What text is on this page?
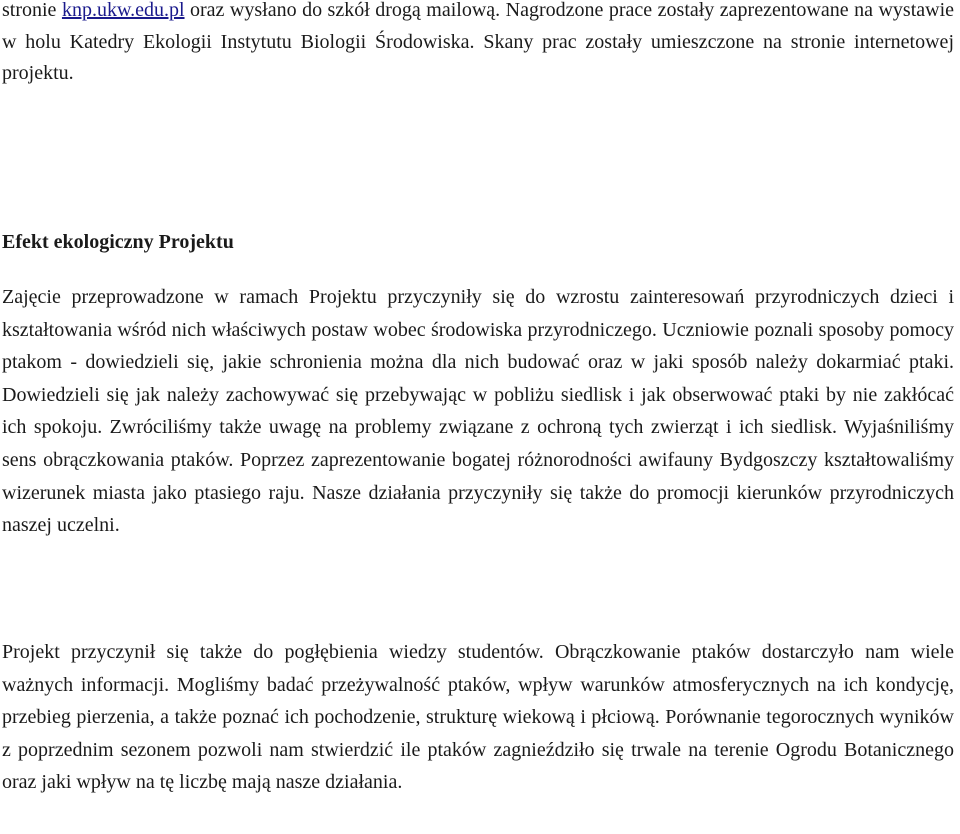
stronie knp.ukw.edu.pl oraz wysłano do szkół drogą mailową. Nagrodzone prace zostały zaprezentowane na wystawie w holu Katedry Ekologii Instytutu Biologii Środowiska. Skany prac zostały umieszczone na stronie internetowej projektu.

Efekt ekologiczny Projektu

Zajęcie przeprowadzone w ramach Projektu przyczyniły się do wzrostu zainteresowań przyrodniczych dzieci i kształtowania wśród nich właściwych postaw wobec środowiska przyrodniczego. Uczniowie poznali sposoby pomocy ptakom - dowiedzieli się, jakie schronienia można dla nich budować oraz w jaki sposób należy dokarmiać ptaki. Dowiedzieli się jak należy zachowywać się przebywając w pobliżu siedlisk i jak obserwować ptaki by nie zakłócać ich spokoju. Zwróciliśmy także uwagę na problemy związane z ochroną tych zwierząt i ich siedlisk. Wyjaśniliśmy sens obrączkowania ptaków. Poprzez zaprezentowanie bogatej różnorodności awifauny Bydgoszczy kształtowaliśmy wizerunek miasta jako ptasiego raju. Nasze działania przyczyniły się także do promocji kierunków przyrodniczych naszej uczelni.

Projekt przyczynił się także do pogłębienia wiedzy studentów. Obrączkowanie ptaków dostarczyło nam wiele ważnych informacji. Mogliśmy badać przeżywalność ptaków, wpływ warunków atmosferycznych na ich kondycję, przebieg pierzenia, a także poznać ich pochodzenie, strukturę wiekową i płciową. Porównanie tegorocznych wyników z poprzednim sezonem pozwoli nam stwierdzić ile ptaków zagnieździło się trwale na terenie Ogrodu Botanicznego oraz jaki wpływ na tę liczbę mają nasze działania.
